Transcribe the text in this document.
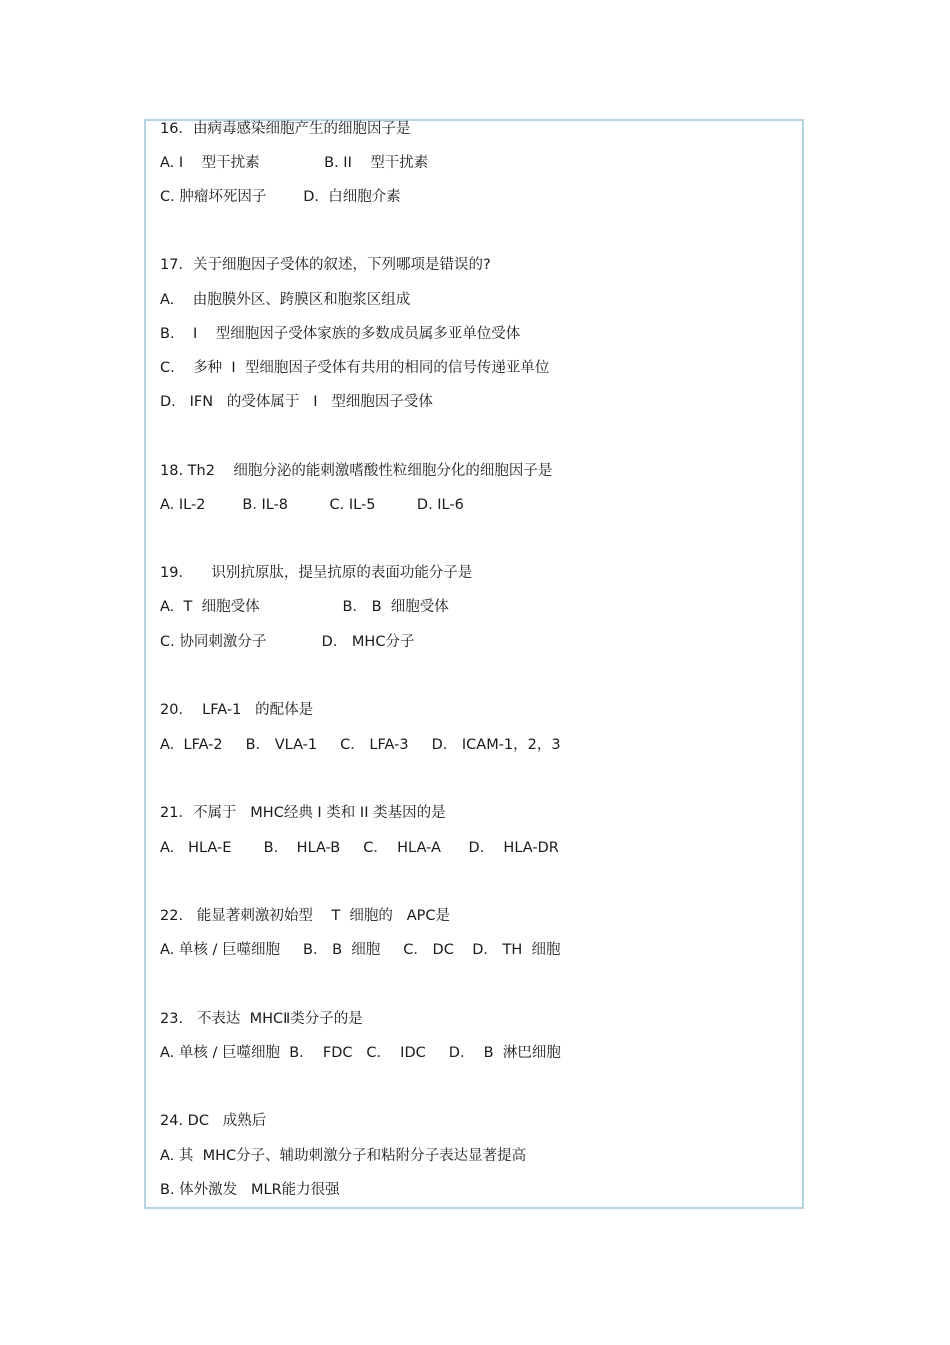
16．由病毒感染细胞产生的细胞因子是
A. I    型干扰素              B. II    型干扰素
C. 肿瘤坏死因子        D.  白细胞介素
17．关于细胞因子受体的叙述，下列哪项是错误的?
A.    由胞膜外区、跨膜区和胞浆区组成
B.    I    型细胞因子受体家族的多数成员属多亚单位受体
C.    多种  I  型细胞因子受体有共用的相同的信号传递亚单位
D.   IFN   的受体属于   I   型细胞因子受体
18. Th2    细胞分泌的能刺激嗜酸性粒细胞分化的细胞因子是
A. IL-2        B. IL-8         C. IL-5         D. IL-6
19．    识别抗原肽，提呈抗原的表面功能分子是
A.  T  细胞受体                  B． B  细胞受体
C. 协同刺激分子            D． MHC分子
20．  LFA-1   的配体是
A.  LFA-2     B． VLA-1     C． LFA-3     D． ICAM-1，2，3
21．不属于   MHC经典 I 类和 II 类基因的是
A.   HLA-E       B.    HLA-B     C．  HLA-A      D．  HLA-DR
22.   能显著刺激初始型    T  细胞的   APC是
A. 单核 / 巨噬细胞     B． B  细胞     C． DC    D． TH  细胞
23.   不表达  MHCⅡ类分子的是
A. 单核 / 巨噬细胞  B．  FDC   C．  IDC     D．  B  淋巴细胞
24. DC   成熟后
A. 其  MHC分子、辅助刺激分子和粘附分子表达显著提高
B. 体外激发   MLR能力很强
